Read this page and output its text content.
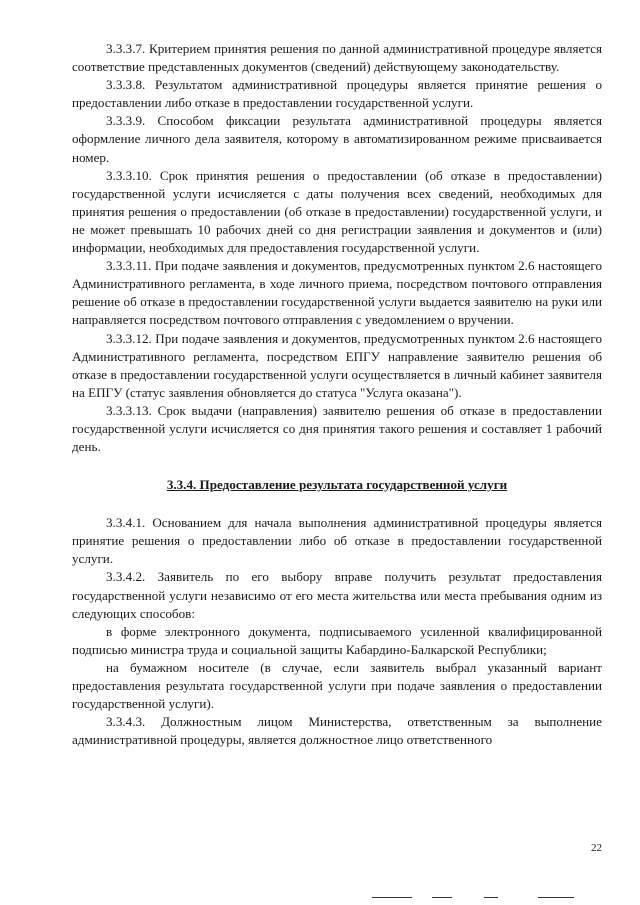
3.3.3.7. Критерием принятия решения по данной административной процедуре является соответствие представленных документов (сведений) действующему законодательству.

3.3.3.8. Результатом административной процедуры является принятие решения о предоставлении либо отказе в предоставлении государственной услуги.

3.3.3.9. Способом фиксации результата административной процедуры является оформление личного дела заявителя, которому в автоматизированном режиме присваивается номер.

3.3.3.10. Срок принятия решения о предоставлении (об отказе в предоставлении) государственной услуги исчисляется с даты получения всех сведений, необходимых для принятия решения о предоставлении (об отказе в предоставлении) государственной услуги, и не может превышать 10 рабочих дней со дня регистрации заявления и документов и (или) информации, необходимых для предоставления государственной услуги.

3.3.3.11. При подаче заявления и документов, предусмотренных пунктом 2.6 настоящего Административного регламента, в ходе личного приема, посредством почтового отправления решение об отказе в предоставлении государственной услуги выдается заявителю на руки или направляется посредством почтового отправления с уведомлением о вручении.

3.3.3.12. При подаче заявления и документов, предусмотренных пунктом 2.6 настоящего Административного регламента, посредством ЕПГУ направление заявителю решения об отказе в предоставлении государственной услуги осуществляется в личный кабинет заявителя на ЕПГУ (статус заявления обновляется до статуса "Услуга оказана").

3.3.3.13. Срок выдачи (направления) заявителю решения об отказе в предоставлении государственной услуги исчисляется со дня принятия такого решения и составляет 1 рабочий день.

3.3.4. Предоставление результата государственной услуги

3.3.4.1. Основанием для начала выполнения административной процедуры является принятие решения о предоставлении либо об отказе в предоставлении государственной услуги.

3.3.4.2. Заявитель по его выбору вправе получить результат предоставления государственной услуги независимо от его места жительства или места пребывания одним из следующих способов:

в форме электронного документа, подписываемого усиленной квалифицированной подписью министра труда и социальной защиты Кабардино-Балкарской Республики;

на бумажном носителе (в случае, если заявитель выбрал указанный вариант предоставления результата государственной услуги при подаче заявления о предоставлении государственной услуги).

3.3.4.3. Должностным лицом Министерства, ответственным за выполнение административной процедуры, является должностное лицо ответственного

22
